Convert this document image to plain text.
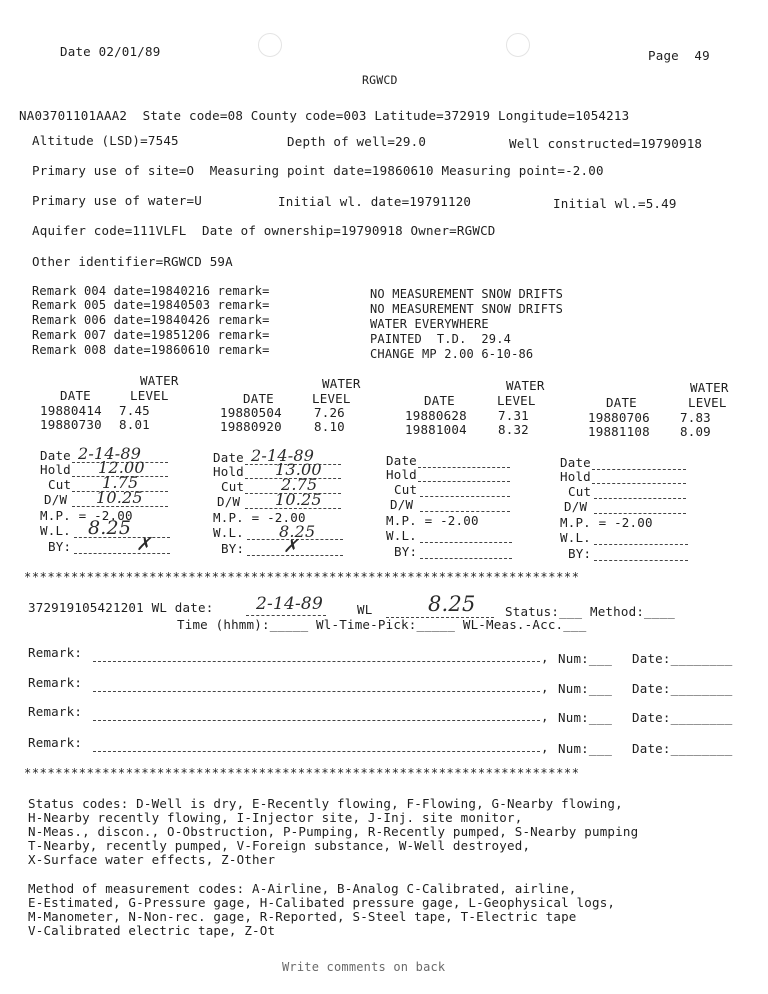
Date 02/01/89	Page  49
RGWCD
NA03701101AAA2  State code=08 County code=003 Latitude=372919 Longitude=1054213
Altitude (LSD)=7545	Depth of well=29.0	Well constructed=19790918
Primary use of site=O  Measuring point date=19860610 Measuring point=-2.00
Primary use of water=U	Initial wl. date=19791120	Initial wl.=5.49
Aquifer code=111VLFL  Date of ownership=19790918 Owner=RGWCD
Other identifier=RGWCD 59A
Remark 004 date=19840216 remark=	NO MEASUREMENT SNOW DRIFTS
Remark 005 date=19840503 remark=	NO MEASUREMENT SNOW DRIFTS
Remark 006 date=19840426 remark=	WATER EVERYWHERE
Remark 007 date=19851206 remark=	PAINTED  T.D.  29.4
Remark 008 date=19860610 remark=	CHANGE MP 2.00 6-10-86
WATER
DATE	LEVEL
19880414 7.45
19880730 8.01
WATER
DATE	LEVEL
19880504	7.26
19880920	8.10
WATER
DATE	LEVEL
19880628 7.31
19881004 8.32
WATER
DATE	LEVEL
19880706 7.83
19881108 8.09
Date 2-14-89
Hold 12.00
Cut 1.75
D/W 10.25
M.P. = -2.00
W.L. 8.25
BY:	✗
Date 2-14-89
Hold 13.00
Cut 2.75
D/W 10.25
M.P. = -2.00
W.L. 8.25
BY: ✗
Date
Hold
Cut
D/W
M.P. = -2.00
W.L.
BY:
Date
Hold
Cut
D/W
M.P. = -2.00
W.L.
BY:
***********************************************************************
372919105421201 WL date:	2-14-89	WL	8.25 Status:___ Method:____
Time (hhmm):_____ Wl-Time-Pick:_____ WL-Meas.-Acc.___
Remark:	, Num:___ Date:________
Remark:	, Num:___ Date:________
Remark:	, Num:___ Date:________
Remark:	, Num:___ Date:________
***********************************************************************
Status codes: D-Well is dry, E-Recently flowing, F-Flowing, G-Nearby flowing,
H-Nearby recently flowing, I-Injector site, J-Inj. site monitor,
N-Meas., discon., O-Obstruction, P-Pumping, R-Recently pumped, S-Nearby pumping
T-Nearby, recently pumped, V-Foreign substance, W-Well destroyed,
X-Surface water effects, Z-Other
Method of measurement codes: A-Airline, B-Analog C-Calibrated, airline,
E-Estimated, G-Pressure gage, H-Calibated pressure gage, L-Geophysical logs,
M-Manometer, N-Non-rec. gage, R-Reported, S-Steel tape, T-Electric tape
V-Calibrated electric tape, Z-Ot
Write comments on back
